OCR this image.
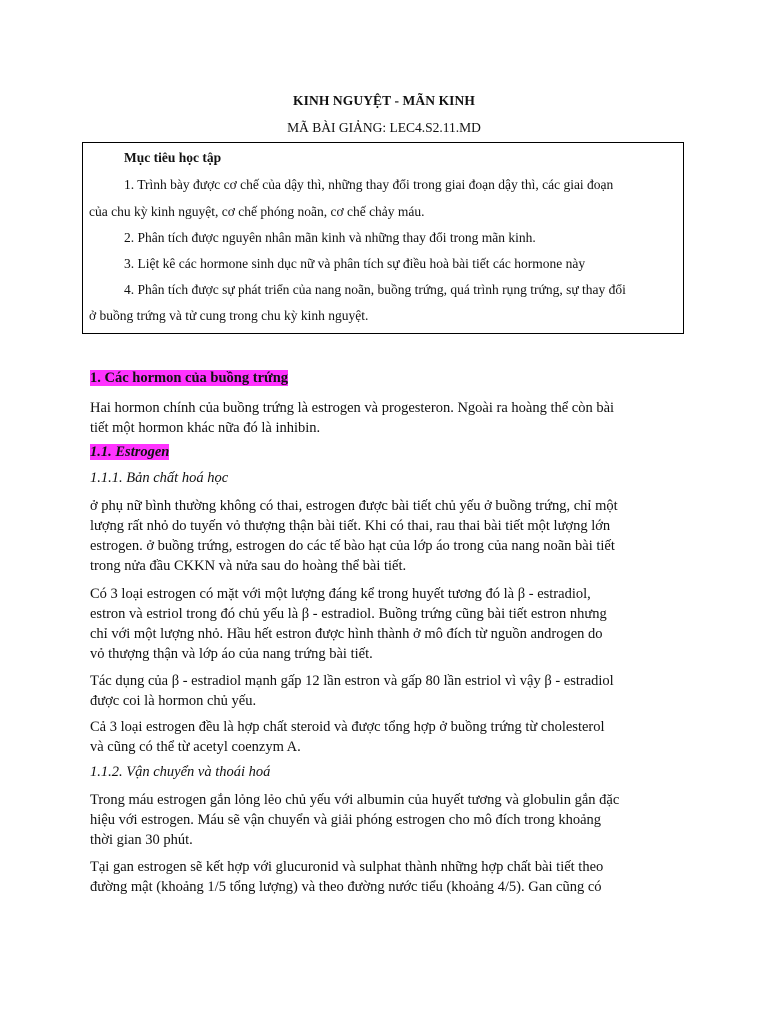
KINH NGUYỆT - MÃN KINH
MÃ BÀI GIẢNG: LEC4.S2.11.MD
Mục tiêu học tập
1. Trình bày được cơ chế của dậy thì, những thay đổi trong giai đoạn dậy thì, các giai đoạn
của chu kỳ kinh nguyệt, cơ chế phóng noãn, cơ chế chảy máu.
2. Phân tích được nguyên nhân mãn kinh và những thay đổi trong mãn kinh.
3. Liệt kê các hormone sinh dục nữ và phân tích sự điều hoà bài tiết các hormone này
4. Phân tích được sự phát triển của nang noãn, buồng trứng, quá trình rụng trứng, sự thay đổi
ở buồng trứng và tử cung trong chu kỳ kinh nguyệt.
1. Các hormon của buồng trứng

Hai hormon chính của buồng trứng là estrogen và progesteron. Ngoài ra hoàng thể còn bài

tiết một hormon khác nữa đó là inhibin.

1.1. Estrogen
1.1.1. Bản chất hoá học

ở phụ nữ bình thường không có thai, estrogen được bài tiết chủ yếu ở buồng trứng, chỉ một

lượng rất nhỏ do tuyến vỏ thượng thận bài tiết. Khi có thai, rau thai bài tiết một lượng lớn

estrogen. ở buồng trứng, estrogen do các tế bào hạt của lớp áo trong của nang noãn bài tiết

trong nửa đầu CKKN và nửa sau do hoàng thể bài tiết.

Có 3 loại estrogen có mặt với một lượng đáng kể trong huyết tương đó là β - estradiol,

estron và estriol trong đó chủ yếu là β - estradiol. Buồng trứng cũng bài tiết estron nhưng

chỉ với một lượng nhỏ. Hầu hết estron được hình thành ở mô đích từ nguồn androgen do

vỏ thượng thận và lớp áo của nang trứng bài tiết.

Tác dụng của β - estradiol mạnh gấp 12 lần estron và gấp 80 lần estriol vì vậy β - estradiol

được coi là hormon chủ yếu.

Cả 3 loại estrogen đều là hợp chất steroid và được tổng hợp ở buồng trứng từ cholesterol

và cũng có thể từ acetyl coenzym A.

1.1.2. Vận chuyển và thoái hoá

Trong máu estrogen gắn lỏng lẻo chủ yếu với albumin của huyết tương và globulin gắn đặc

hiệu với estrogen. Máu sẽ vận chuyển và giải phóng estrogen cho mô đích trong khoảng

thời gian 30 phút.

Tại gan estrogen sẽ kết hợp với glucuronid và sulphat thành những hợp chất bài tiết theo

đường mật (khoảng 1/5 tổng lượng) và theo đường nước tiểu (khoảng 4/5). Gan cũng có
